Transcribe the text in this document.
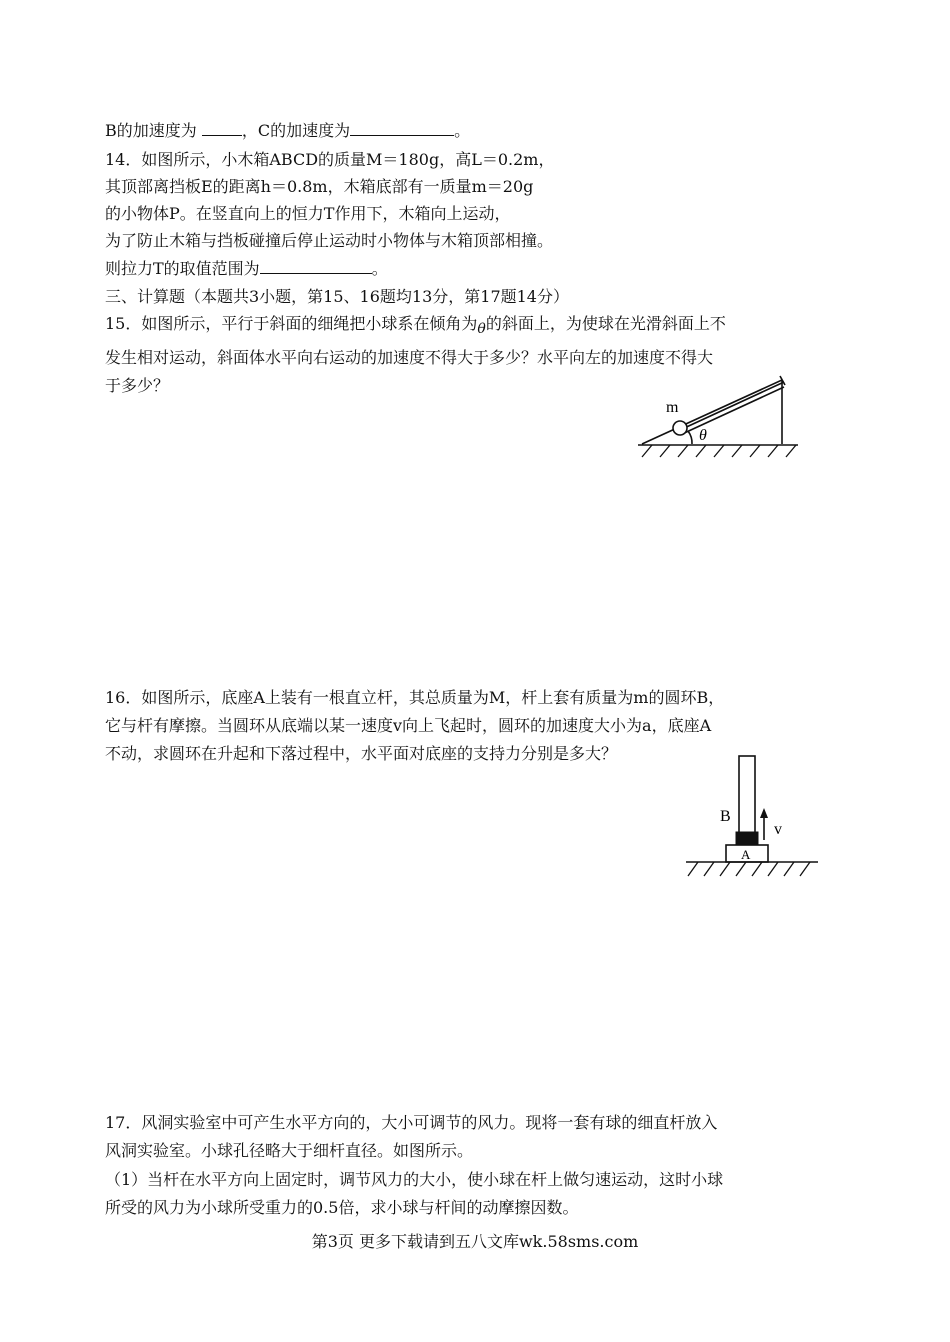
B的加速度为	，C的加速度为	。
14．如图所示，小木箱ABCD的质量M＝180g，高L＝0.2m，
其顶部离挡板E的距离h＝0.8m，木箱底部有一质量m＝20g
的小物体P。在竖直向上的恒力T作用下，木箱向上运动，
为了防止木箱与挡板碰撞后停止运动时小物体与木箱顶部相撞。
则拉力T的取值范围为	。
三、计算题（本题共3小题，第15、16题均13分，第17题14分）
15．如图所示，平行于斜面的细绳把小球系在倾角为θ的斜面上，为使球在光滑斜面上不
发生相对运动，斜面体水平向右运动的加速度不得大于多少？水平向左的加速度不得大
于多少？
m
θ
16．如图所示，底座A上装有一根直立杆，其总质量为M，杆上套有质量为m的圆环B，
它与杆有摩擦。当圆环从底端以某一速度v向上飞起时，圆环的加速度大小为a，底座A
不动，求圆环在升起和下落过程中，水平面对底座的支持力分别是多大？
B
v
A
17．风洞实验室中可产生水平方向的，大小可调节的风力。现将一套有球的细直杆放入
风洞实验室。小球孔径略大于细杆直径。如图所示。
（1）当杆在水平方向上固定时，调节风力的大小，使小球在杆上做匀速运动，这时小球
所受的风力为小球所受重力的0.5倍，求小球与杆间的动摩擦因数。
第3页 更多下载请到五八文库wk.58sms.com
